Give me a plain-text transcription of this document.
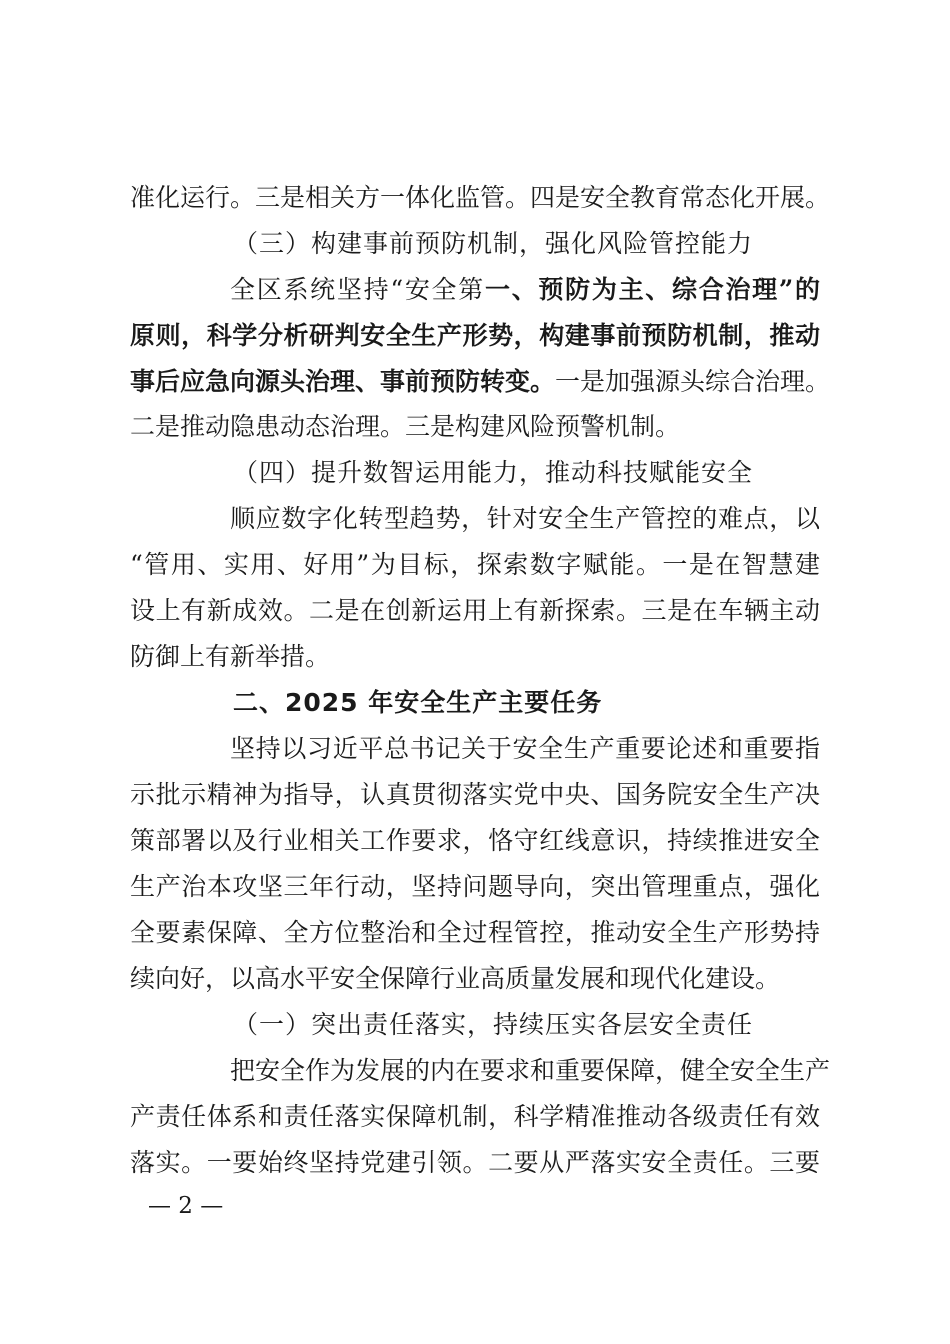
准化运行。三是相关方一体化监管。四是安全教育常态化开展。
（三）构建事前预防机制，强化风险管控能力
全区系统坚持“安全第一、预防为主、综合治理”的
原则，科学分析研判安全生产形势，构建事前预防机制，推动
事后应急向源头治理、事前预防转变。一是加强源头综合治理。
二是推动隐患动态治理。三是构建风险预警机制。
（四）提升数智运用能力，推动科技赋能安全
顺应数字化转型趋势，针对安全生产管控的难点，以
“管用、实用、好用”为目标，探索数字赋能。一是在智慧建
设上有新成效。二是在创新运用上有新探索。三是在车辆主动
防御上有新举措。
二、2025 年安全生产主要任务
坚持以习近平总书记关于安全生产重要论述和重要指
示批示精神为指导，认真贯彻落实党中央、国务院安全生产决
策部署以及行业相关工作要求，恪守红线意识，持续推进安全
生产治本攻坚三年行动，坚持问题导向，突出管理重点，强化
全要素保障、全方位整治和全过程管控，推动安全生产形势持
续向好，以高水平安全保障行业高质量发展和现代化建设。
（一）突出责任落实，持续压实各层安全责任
把安全作为发展的内在要求和重要保障，健全安全生产
产责任体系和责任落实保障机制，科学精准推动各级责任有效
落实。一要始终坚持党建引领。二要从严落实安全责任。三要
— 2 —
